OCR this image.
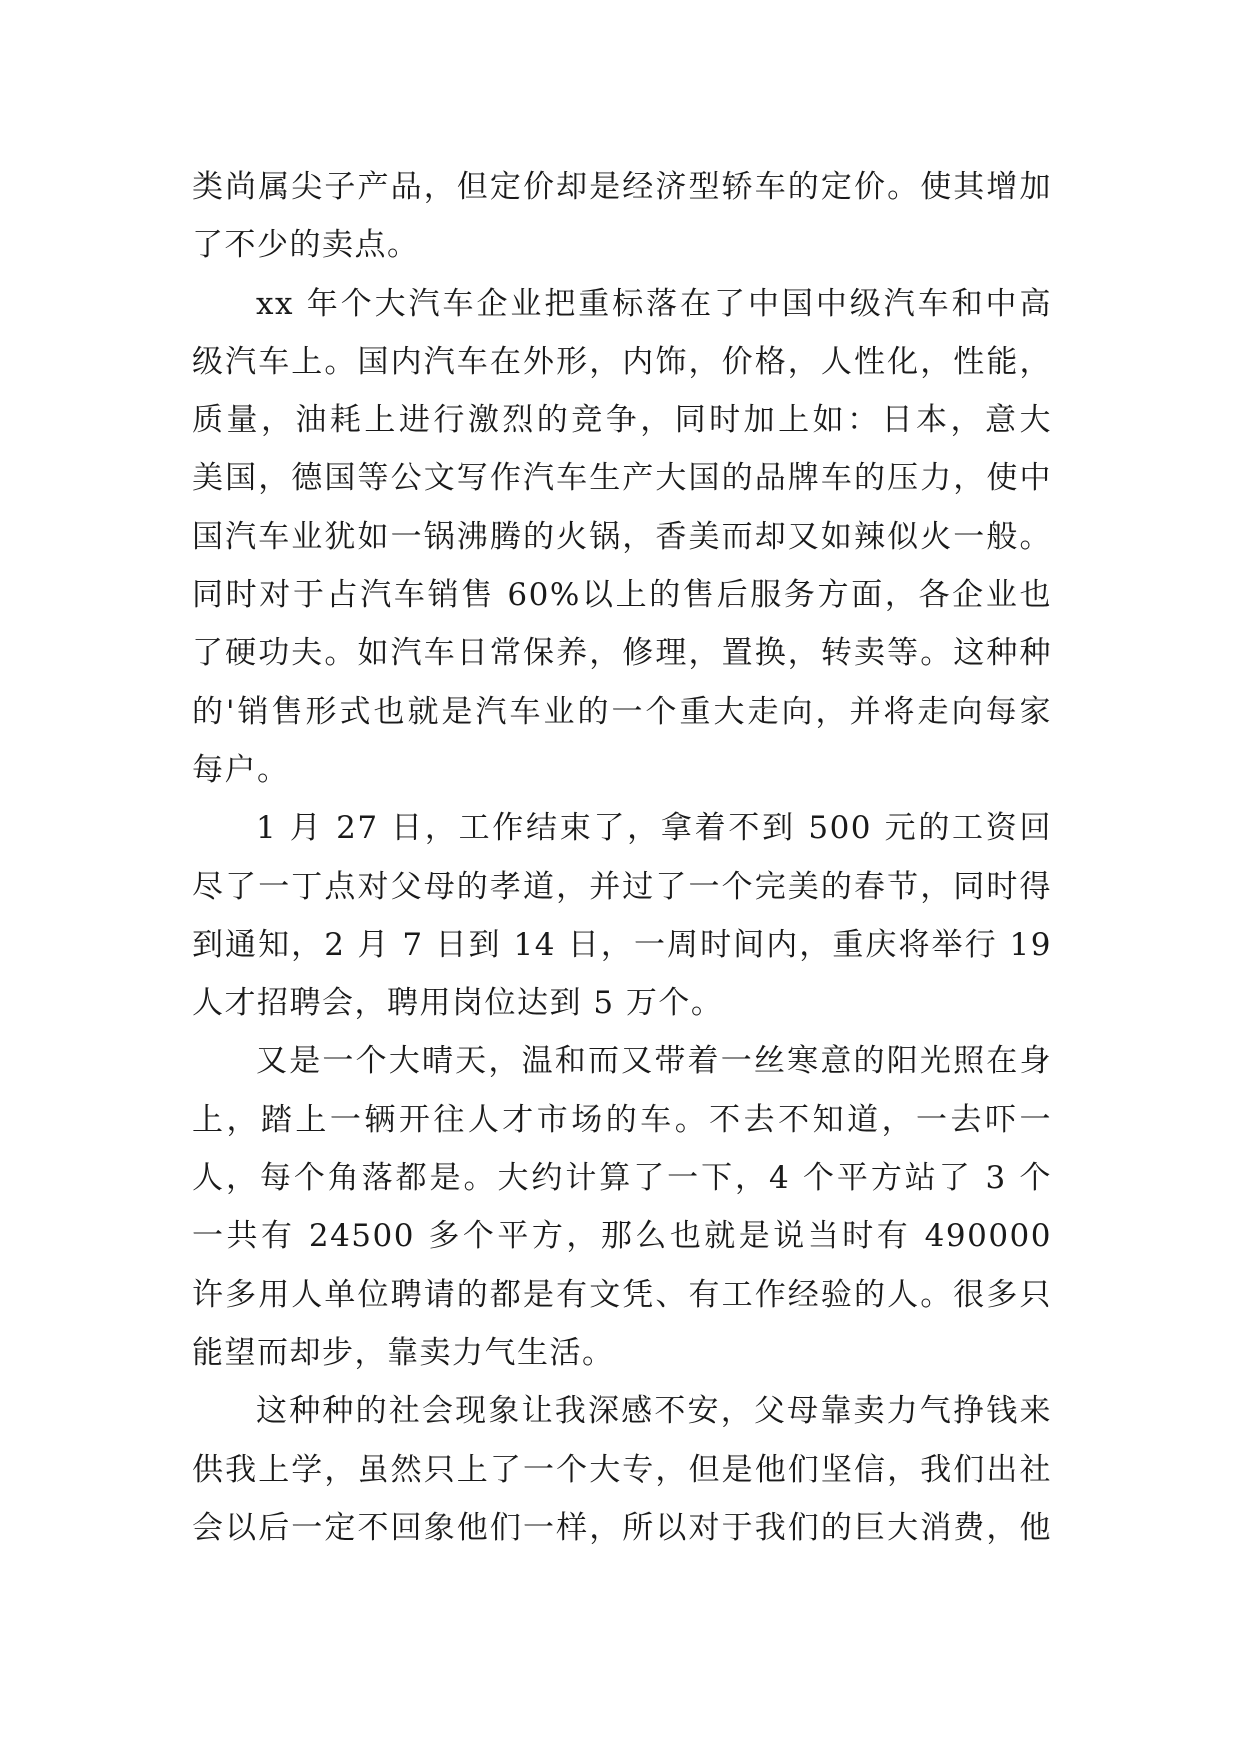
类尚属尖子产品，但定价却是经济型轿车的定价。使其增加
了不少的卖点。
xx 年个大汽车企业把重标落在了中国中级汽车和中高
级汽车上。国内汽车在外形，内饰，价格，人性化，性能，
质量，油耗上进行激烈的竞争，同时加上如：日本，意大
美国，德国等公文写作汽车生产大国的品牌车的压力，使中
国汽车业犹如一锅沸腾的火锅，香美而却又如辣似火一般。
同时对于占汽车销售 60%以上的售后服务方面，各企业也
了硬功夫。如汽车日常保养，修理，置换，转卖等。这种种
的'销售形式也就是汽车业的一个重大走向，并将走向每家
每户。
1 月 27 日，工作结束了，拿着不到 500 元的工资回
尽了一丁点对父母的孝道，并过了一个完美的春节，同时得
到通知，2 月 7 日到 14 日，一周时间内，重庆将举行 19
人才招聘会，聘用岗位达到 5 万个。
又是一个大晴天，温和而又带着一丝寒意的阳光照在身
上，踏上一辆开往人才市场的车。不去不知道，一去吓一
人，每个角落都是。大约计算了一下，4 个平方站了 3 个
一共有 24500 多个平方，那么也就是说当时有 490000
许多用人单位聘请的都是有文凭、有工作经验的人。很多只
能望而却步，靠卖力气生活。
这种种的社会现象让我深感不安，父母靠卖力气挣钱来
供我上学，虽然只上了一个大专，但是他们坚信，我们出社
会以后一定不回象他们一样，所以对于我们的巨大消费，他
